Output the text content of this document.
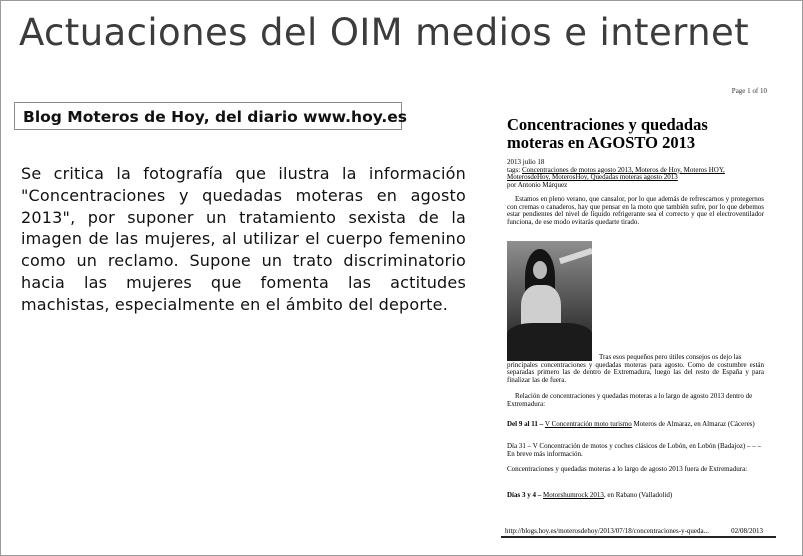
Actuaciones del OIM medios e internet
Blog Moteros de Hoy, del diario www.hoy.es
Se critica la fotografía que ilustra la información "Concentraciones y quedadas moteras en agosto 2013", por suponer un tratamiento sexista de la imagen de las mujeres, al utilizar el cuerpo femenino como un reclamo. Supone un trato discriminatorio hacia las mujeres que fomenta las actitudes machistas, especialmente en el ámbito del deporte.
Page 1 of 10
Concentraciones y quedadas moteras en AGOSTO 2013
2013 julio 18
tags: Concentraciones de motos agosto 2013, Moteros de Hoy, Moteros HOY, MoterosdeHoy, MoterosHoy, Quedadas moteras agosto 2013
por Antonio Márquez
Estamos en pleno verano, que cansalor, por lo que además de refrescarnos y protegernos con cremas o canaderos, hay que pensar en la moto que también sufre, por lo que debemos estar pendientes del nivel de líquido refrigerante sea el correcto y que el electroventilador funciona, de ese modo evitarás quedarte tirado.
Tras esos pequeños pero útiles consejos os dejo las
principales concentraciones y quedadas moteras para agosto. Como de costumbre están separadas primero las de dentro de Extremadura, luego las del resto de España y para finalizar las de fuera.
Relación de concentraciones y quedadas moteras a lo largo de agosto 2013 dentro de Extremadura:
Del 9 al 11 – V Concentración moto turismo Moteros de Almaraz, en Almaraz (Cáceres)
Día 31 – V Concentración de motos y coches clásicos de Lobón, en Lobón (Badajoz) – – – En breve más información.
Concentraciones y quedadas moteras a lo largo de agosto 2013 fuera de Extremadura:
Días 3 y 4 – Motorshumrock 2013, en Rabano (Valladolid)
http://blogs.hoy.es/moterosdehoy/2013/07/18/concentraciones-y-queda...	02/08/2013
